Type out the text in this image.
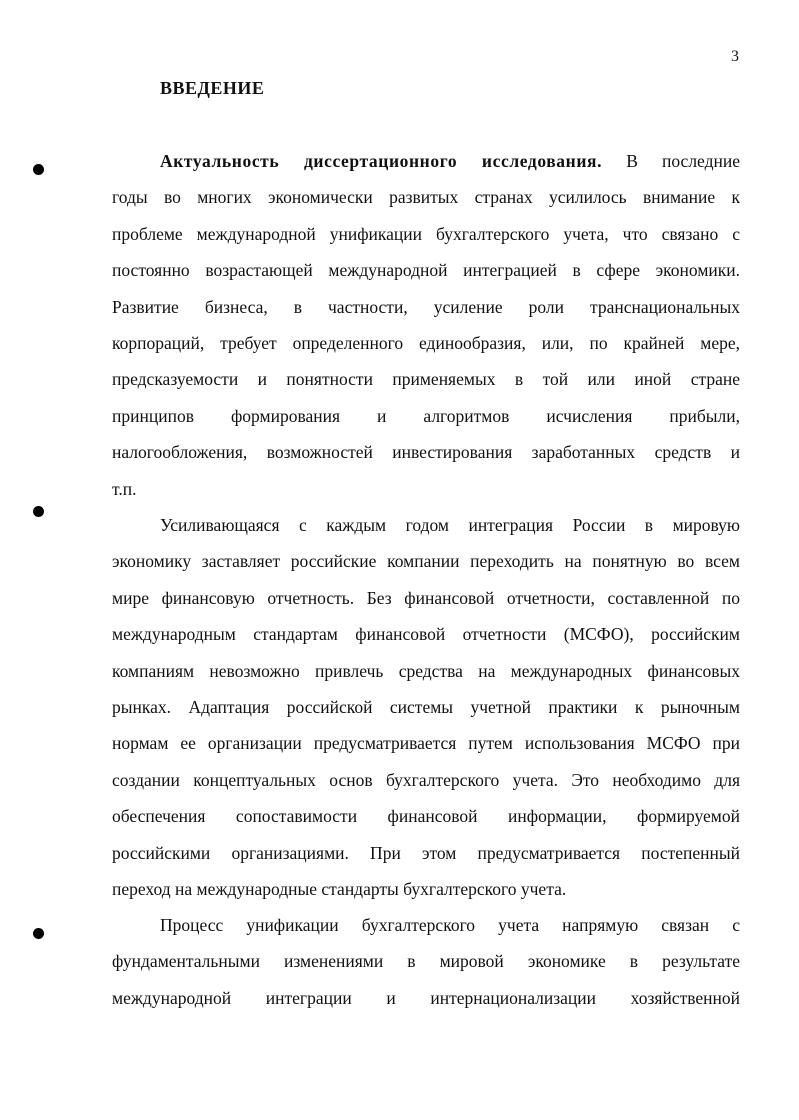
3
ВВЕДЕНИЕ
Актуальность диссертационного исследования. В последние
годы во многих экономически развитых странах усилилось внимание к
проблеме международной унификации бухгалтерского учета, что связано с
постоянно возрастающей международной интеграцией в сфере экономики.
Развитие бизнеса, в частности, усиление роли транснациональных
корпораций, требует определенного единообразия, или, по крайней мере,
предсказуемости и понятности применяемых в той или иной стране
принципов формирования и алгоритмов исчисления прибыли,
налогообложения, возможностей инвестирования заработанных средств и
т.п.
Усиливающаяся с каждым годом интеграция России в мировую
экономику заставляет российские компании переходить на понятную во всем
мире финансовую отчетность. Без финансовой отчетности, составленной по
международным стандартам финансовой отчетности (МСФО), российским
компаниям невозможно привлечь средства на международных финансовых
рынках. Адаптация российской системы учетной практики к рыночным
нормам ее организации предусматривается путем использования МСФО при
создании концептуальных основ бухгалтерского учета. Это необходимо для
обеспечения сопоставимости финансовой информации, формируемой
российскими организациями. При этом предусматривается постепенный
переход на международные стандарты бухгалтерского учета.
Процесс унификации бухгалтерского учета напрямую связан с
фундаментальными изменениями в мировой экономике в результате
международной интеграции и интернационализации хозяйственной
